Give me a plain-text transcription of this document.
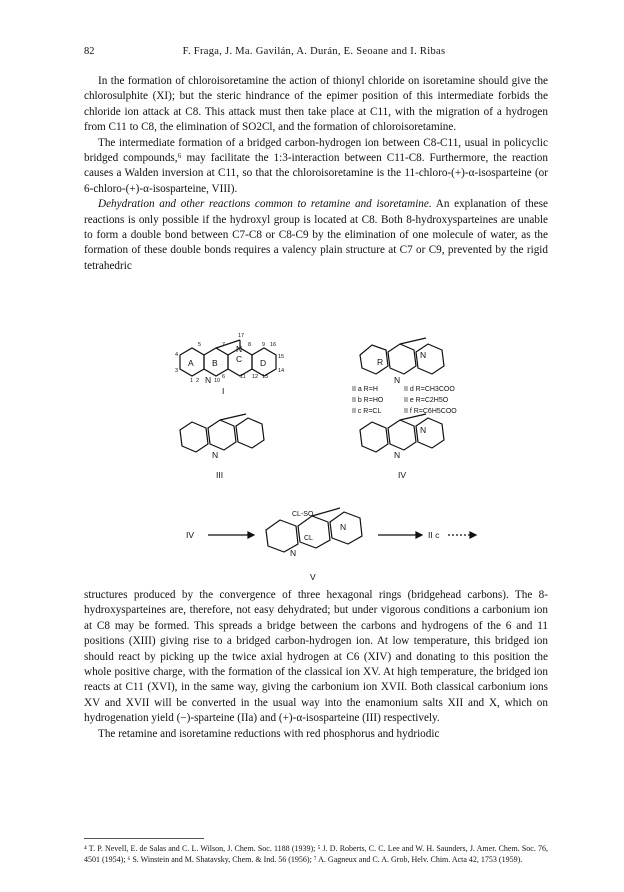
82	F. Fraga, J. Ma. Gavilán, A. Durán, E. Seoane and I. Ribas

In the formation of chloroisoretamine the action of thionyl chloride on isoretamine should give the chlorosulphite (XI); but the steric hindrance of the epimer position of this intermediate forbids the chloride ion attack at C8. This attack must then take place at C11, with the migration of a hydrogen from C11 to C8, the elimination of SO2Cl, and the formation of chloroisoretamine.

The intermediate formation of a bridged carbon-hydrogen ion between C8-C11, usual in policyclic bridged compounds,⁶ may facilitate the 1:3-interaction between C11-C8. Furthermore, the reaction causes a Walden inversion at C11, so that the chloroisoretamine is the 11-chloro-(+)-α-isosparteine (or 6-chloro-(+)-α-isosparteine, VIII).

Dehydration and other reactions common to retamine and isoretamine. An explanation of these reactions is only possible if the hydroxyl group is located at C8. Both 8-hydroxysparteines are unable to form a double bond between C7-C8 or C8-C9 by the elimination of one molecule of water, as the formation of these double bonds requires a valency plain structure at C7 or C9, prevented by the rigid tetrahedric

A B C D
N
N
R
N
N
N
N
N
N
N
5	7
17
8 9
4
3
1 2	10
6	11 12 13
14
15
16
I
III	IV
V
II a R=H	II d R=CH3COO
II b R=HO	II e R=C2H5O
II c R=CL	II f R=C6H5COO
IV	II c
CL-SO
CL

structures produced by the convergence of three hexagonal rings (bridgehead carbons). The 8-hydroxysparteines are, therefore, not easy dehydrated; but under vigorous conditions a carbonium ion at C8 may be formed. This spreads a bridge between the carbons and hydrogens of the 6 and 11 positions (XIII) giving rise to a bridged carbon-hydrogen ion. At low temperature, this bridged ion should react by picking up the twice axial hydrogen at C6 (XIV) and donating to this position the whole positive charge, with the formation of the classical ion XV. At high temperature, the bridged ion reacts at C11 (XVI), in the same way, giving the carbonium ion XVII. Both classical carbonium ions XV and XVII will be converted in the usual way into the enamonium salts XII and X, which on hydrogenation yield (−)-sparteine (IIa) and (+)-α-isosparteine (III) respectively.

The retamine and isoretamine reductions with red phosphorus and hydriodic

⁴ T. P. Nevell, E. de Salas and C. L. Wilson, J. Chem. Soc. 1188 (1939); ⁵ J. D. Roberts, C. C. Lee and W. H. Saunders, J. Amer. Chem. Soc. 76, 4501 (1954); ⁶ S. Winstein and M. Shatavsky, Chem. & Ind. 56 (1956); ⁷ A. Gagneux and C. A. Grob, Helv. Chim. Acta 42, 1753 (1959).
